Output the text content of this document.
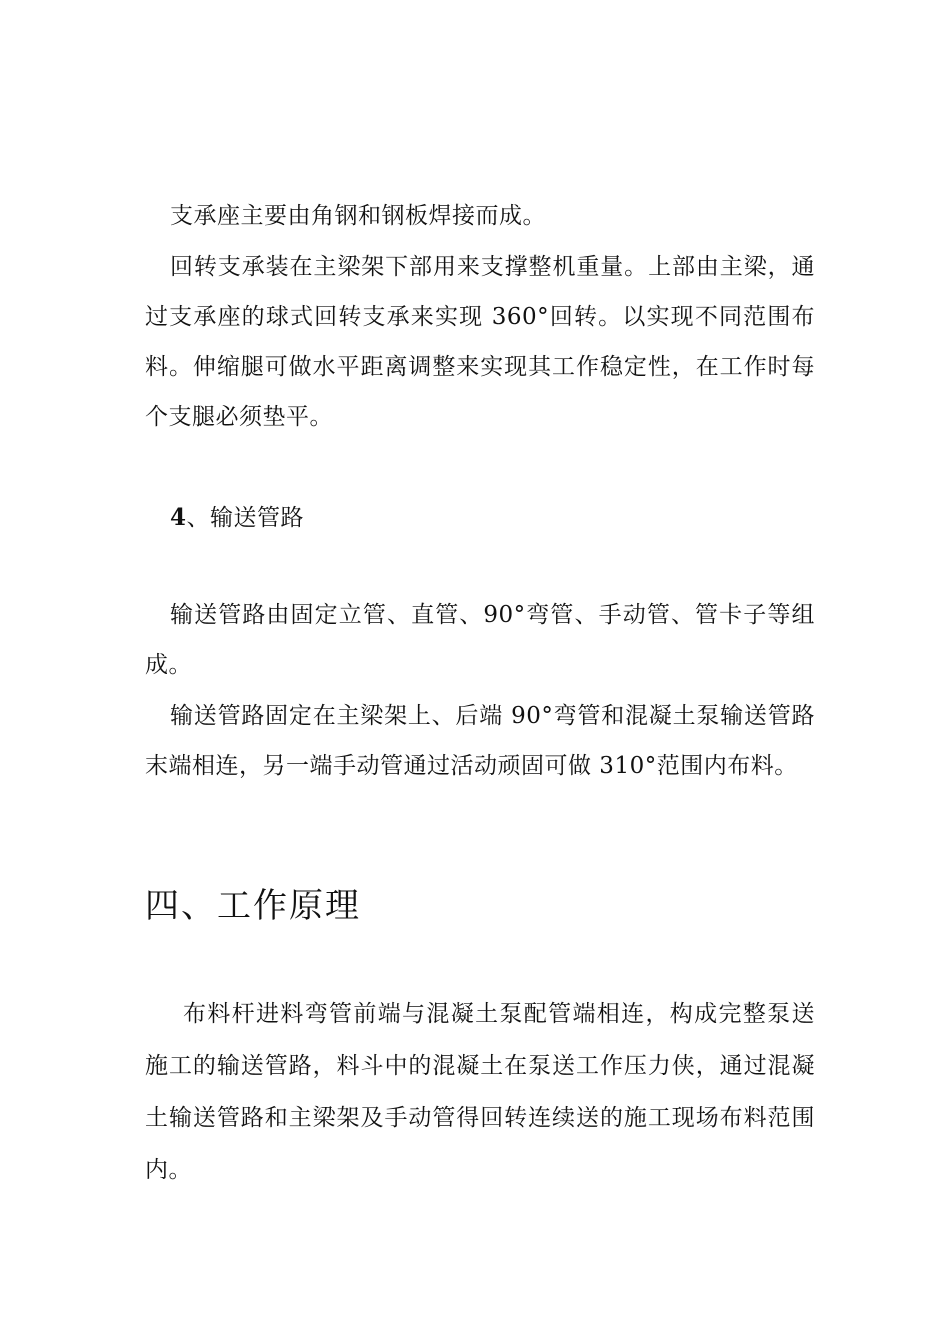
支承座主要由角钢和钢板焊接而成。

回转支承装在主梁架下部用来支撑整机重量。上部由主梁，通过支承座的球式回转支承来实现 360°回转。以实现不同范围布料。伸缩腿可做水平距离调整来实现其工作稳定性，在工作时每个支腿必须垫平。

4、输送管路

输送管路由固定立管、直管、90°弯管、手动管、管卡子等组成。

输送管路固定在主梁架上、后端 90°弯管和混凝土泵输送管路末端相连，另一端手动管通过活动顽固可做 310°范围内布料。

四、工作原理

布料杆进料弯管前端与混凝土泵配管端相连，构成完整泵送施工的输送管路，料斗中的混凝土在泵送工作压力侠，通过混凝土输送管路和主梁架及手动管得回转连续送的施工现场布料范围内。
